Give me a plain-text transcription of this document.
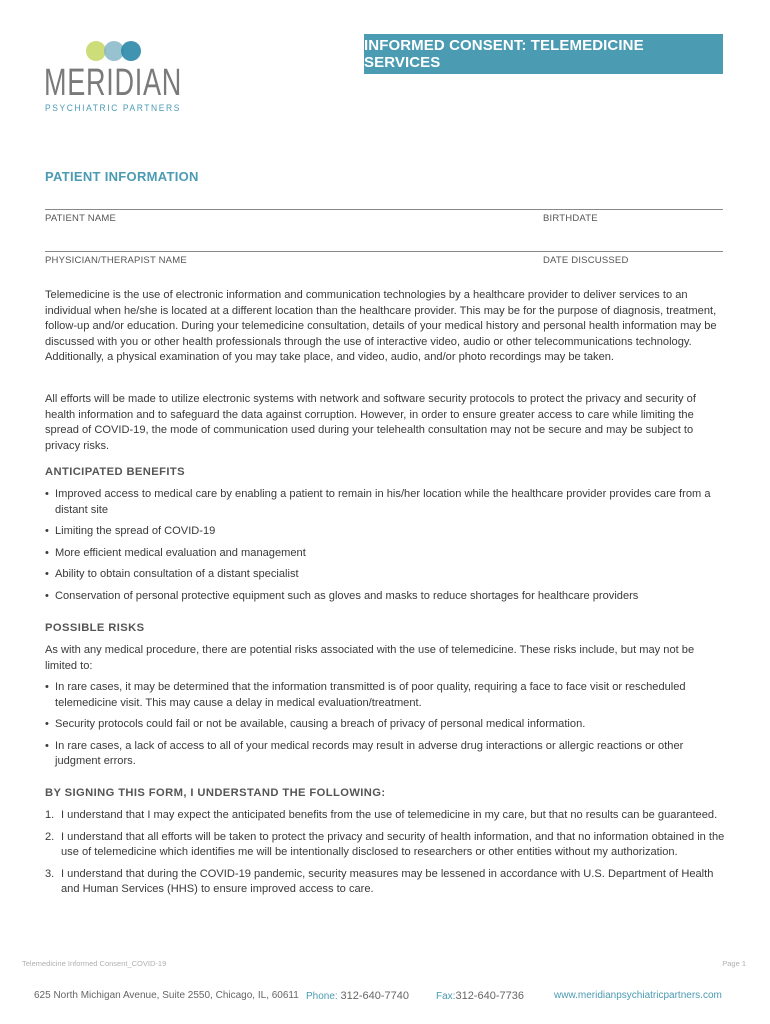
MERIDIAN
PSYCHIATRIC PARTNERS
INFORMED CONSENT: TELEMEDICINE SERVICES
PATIENT INFORMATION
PATIENT NAME	BIRTHDATE
PHYSICIAN/THERAPIST NAME	DATE DISCUSSED

Telemedicine is the use of electronic information and communication technologies by a healthcare provider to deliver services to an individual when he/she is located at a different location than the healthcare provider. This may be for the purpose of diagnosis, treatment, follow-up and/or education. During your telemedicine consultation, details of your medical history and personal health information may be discussed with you or other health professionals through the use of interactive video, audio or other telecommunications technology. Additionally, a physical examination of you may take place, and video, audio, and/or photo recordings may be taken.

All efforts will be made to utilize electronic systems with network and software security protocols to protect the privacy and security of health information and to safeguard the data against corruption. However, in order to ensure greater access to care while limiting the spread of COVID-19, the mode of communication used during your telehealth consultation may not be secure and may be subject to privacy risks.

ANTICIPATED BENEFITS
• Improved access to medical care by enabling a patient to remain in his/her location while the healthcare provider provides care from a distant site
• Limiting the spread of COVID-19
• More efficient medical evaluation and management
• Ability to obtain consultation of a distant specialist
• Conservation of personal protective equipment such as gloves and masks to reduce shortages for healthcare providers
POSSIBLE RISKS

As with any medical procedure, there are potential risks associated with the use of telemedicine. These risks include, but may not be limited to:

• In rare cases, it may be determined that the information transmitted is of poor quality, requiring a face to face visit or rescheduled telemedicine visit. This may cause a delay in medical evaluation/treatment.
• Security protocols could fail or not be available, causing a breach of privacy of personal medical information.
• In rare cases, a lack of access to all of your medical records may result in adverse drug interactions or allergic reactions or other judgment errors.
BY SIGNING THIS FORM, I UNDERSTAND THE FOLLOWING:
1. I understand that I may expect the anticipated benefits from the use of telemedicine in my care, but that no results can be guaranteed.
2. I understand that all efforts will be taken to protect the privacy and security of health information, and that no information obtained in the use of telemedicine which identifies me will be intentionally disclosed to researchers or other entities without my authorization.
3. I understand that during the COVID-19 pandemic, security measures may be lessened in accordance with U.S. Department of Health and Human Services (HHS) to ensure improved access to care.
Telemedicine Informed Consent_COVID-19	Page 1
625 North Michigan Avenue, Suite 2550, Chicago, IL, 60611 Phone: 312-640-7740	Fax:312-640-7736	www.meridianpsychiatricpartners.com
